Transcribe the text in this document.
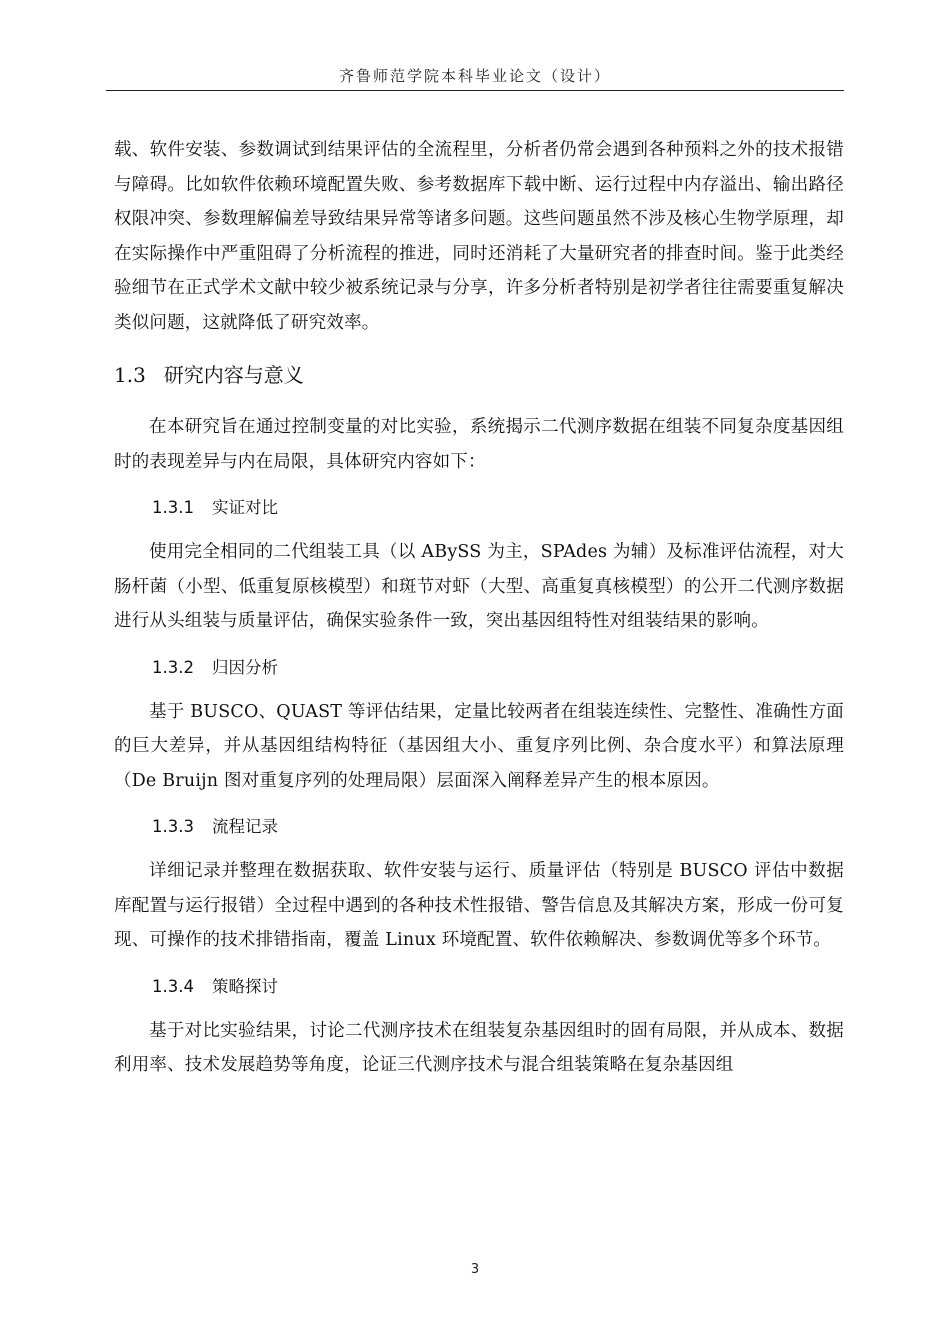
齐鲁师范学院本科毕业论文（设计）

载、软件安装、参数调试到结果评估的全流程里，分析者仍常会遇到各种预料之外的技术报错与障碍。比如软件依赖环境配置失败、参考数据库下载中断、运行过程中内存溢出、输出路径权限冲突、参数理解偏差导致结果异常等诸多问题。这些问题虽然不涉及核心生物学原理，却在实际操作中严重阻碍了分析流程的推进，同时还消耗了大量研究者的排查时间。鉴于此类经验细节在正式学术文献中较少被系统记录与分享，许多分析者特别是初学者往往需要重复解决类似问题，这就降低了研究效率。

1.3 研究内容与意义

在本研究旨在通过控制变量的对比实验，系统揭示二代测序数据在组装不同复杂度基因组时的表现差异与内在局限，具体研究内容如下：

1.3.1 实证对比

使用完全相同的二代组装工具（以 ABySS 为主，SPAdes 为辅）及标准评估流程，对大肠杆菌（小型、低重复原核模型）和斑节对虾（大型、高重复真核模型）的公开二代测序数据进行从头组装与质量评估，确保实验条件一致，突出基因组特性对组装结果的影响。

1.3.2 归因分析

基于 BUSCO、QUAST 等评估结果，定量比较两者在组装连续性、完整性、准确性方面的巨大差异，并从基因组结构特征（基因组大小、重复序列比例、杂合度水平）和算法原理（De Bruijn 图对重复序列的处理局限）层面深入阐释差异产生的根本原因。

1.3.3 流程记录

详细记录并整理在数据获取、软件安装与运行、质量评估（特别是 BUSCO 评估中数据库配置与运行报错）全过程中遇到的各种技术性报错、警告信息及其解决方案，形成一份可复现、可操作的技术排错指南，覆盖 Linux 环境配置、软件依赖解决、参数调优等多个环节。

1.3.4 策略探讨

基于对比实验结果，讨论二代测序技术在组装复杂基因组时的固有局限，并从成本、数据利用率、技术发展趋势等角度，论证三代测序技术与混合组装策略在复杂基因组

3
